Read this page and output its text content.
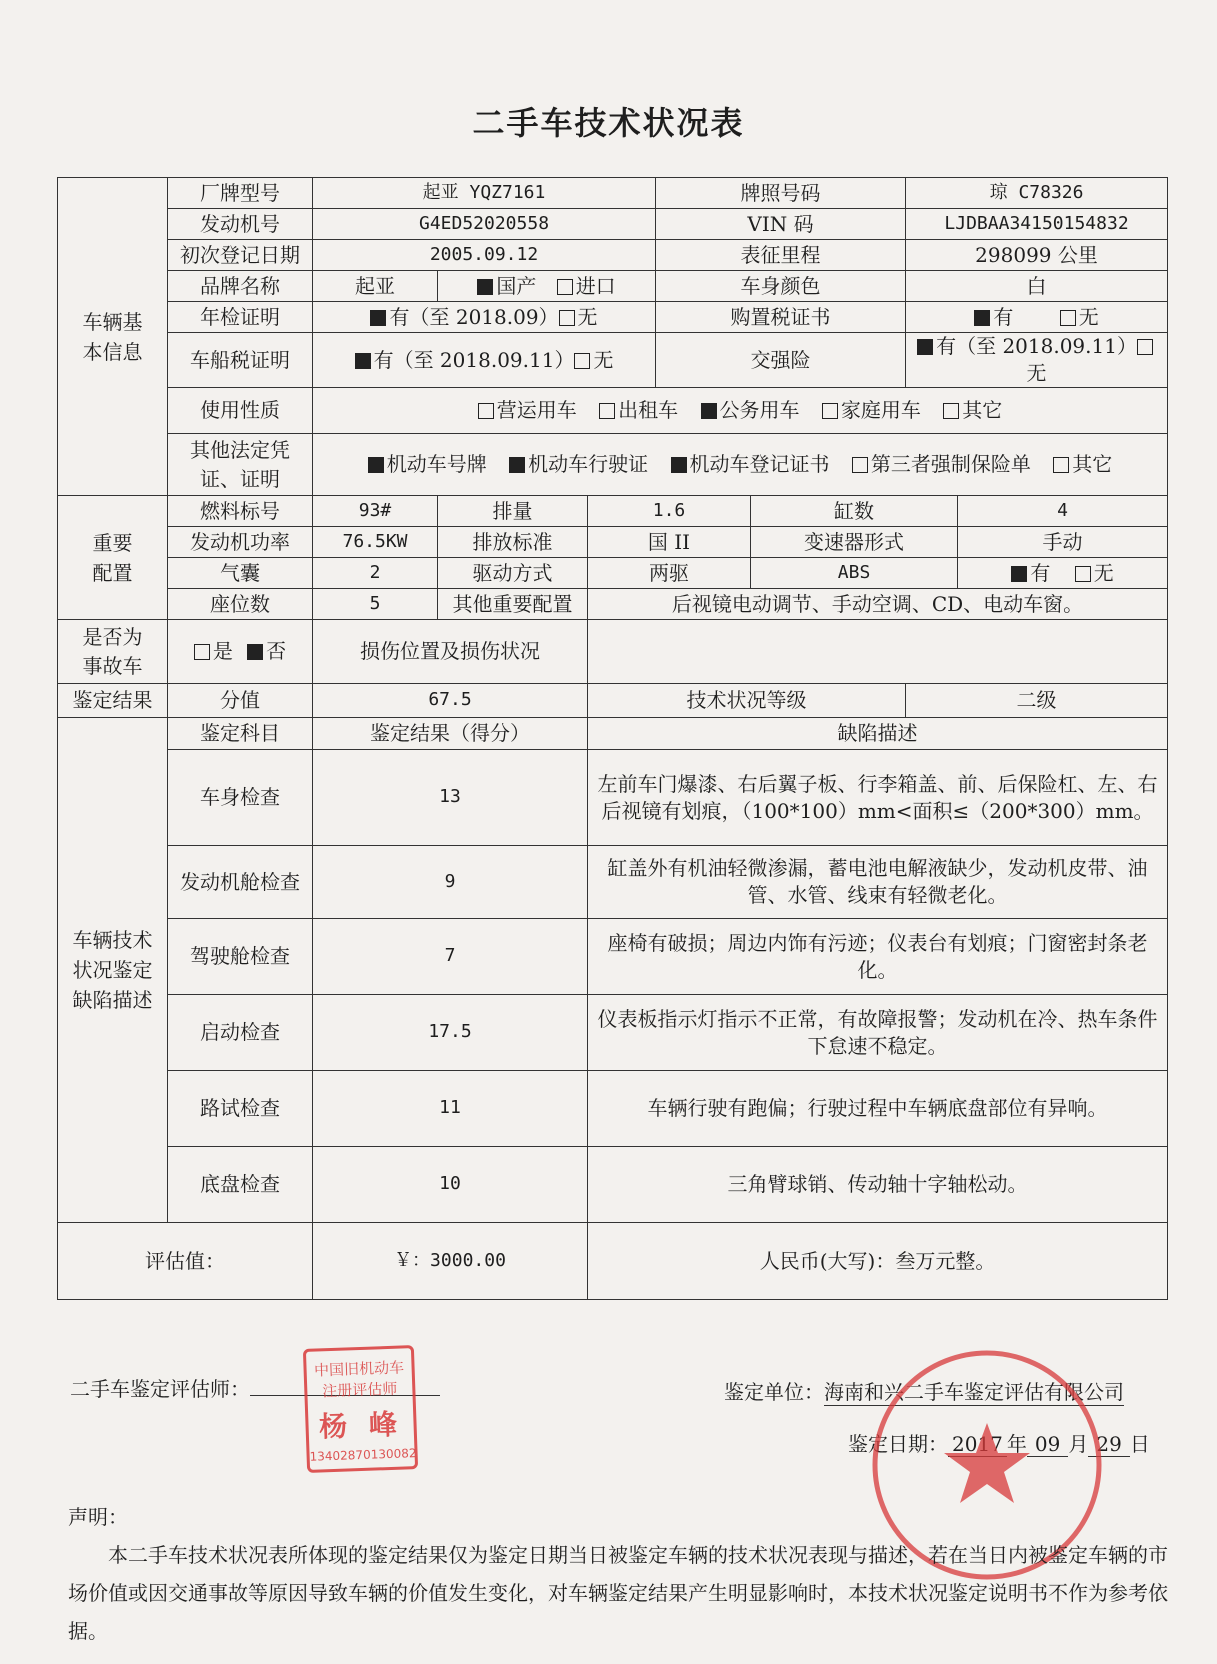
二手车技术状况表
车辆基本信息	厂牌型号	起亚 YQZ7161			牌照号码		琼 C78326	
	发动机号	G4ED52020558			VIN 码		LJDBAA34150154832	
	初次登记日期	2005.09.12			表征里程		298099 公里	
	品牌名称	起亚	国产 进口		车身颜色		白	
	年检证明	有（至 2018.09） 无			购置税证书		有 无	
	车船税证明	有（至 2018.09.11） 无			交强险		有（至 2018.09.11）无	
	使用性质	营运用车 出租车 公务用车 家庭用车 其它						
	其他法定凭证、证明	机动车号牌 机动车行驶证 机动车登记证书 第三者强制保险单 其它						
重要配置	燃料标号	93#	排量	1.6		缸数		4
	发动机功率	76.5KW	排放标准	国 II		变速器形式		手动
	气囊	2	驱动方式	两驱		ABS		有 无
	座位数	5	其他重要配置	后视镜电动调节、手动空调、CD、电动车窗。				
是否为事故车	是 否	损伤位置及损伤状况						
鉴定结果	分值	67.5		技术状况等级			二级	
车辆技术状况鉴定缺陷描述	鉴定科目	鉴定结果（得分）		缺陷描述				
	车身检查	13		左前车门爆漆、右后翼子板、行李箱盖、前、后保险杠、左、右后视镜有划痕，（100*100）mm<面积≤（200*300）mm。				
	发动机舱检查	9		缸盖外有机油轻微渗漏，蓄电池电解液缺少，发动机皮带、油管、水管、线束有轻微老化。				
	驾驶舱检查	7		座椅有破损；周边内饰有污迹；仪表台有划痕；门窗密封条老化。				
	启动检查	17.5		仪表板指示灯指示不正常，有故障报警；发动机在冷、热车条件下怠速不稳定。				
	路试检查	11		车辆行驶有跑偏；行驶过程中车辆底盘部位有异响。				
	底盘检查	10		三角臂球销、传动轴十字轴松动。				
评估值：		￥：3000.00		人民币(大写)：叁万元整。				
二手车鉴定评估师：
中国旧机动车
注册评估师
杨 峰
13402870130082
鉴定单位：海南和兴二手车鉴定评估有限公司
鉴定日期： 2017 年 09 月 29 日
声明：
本二手车技术状况表所体现的鉴定结果仅为鉴定日期当日被鉴定车辆的技术状况表现与描述，若在当日内被鉴定车辆的市场价值或因交通事故等原因导致车辆的价值发生变化，对车辆鉴定结果产生明显影响时，本技术状况鉴定说明书不作为参考依据。
